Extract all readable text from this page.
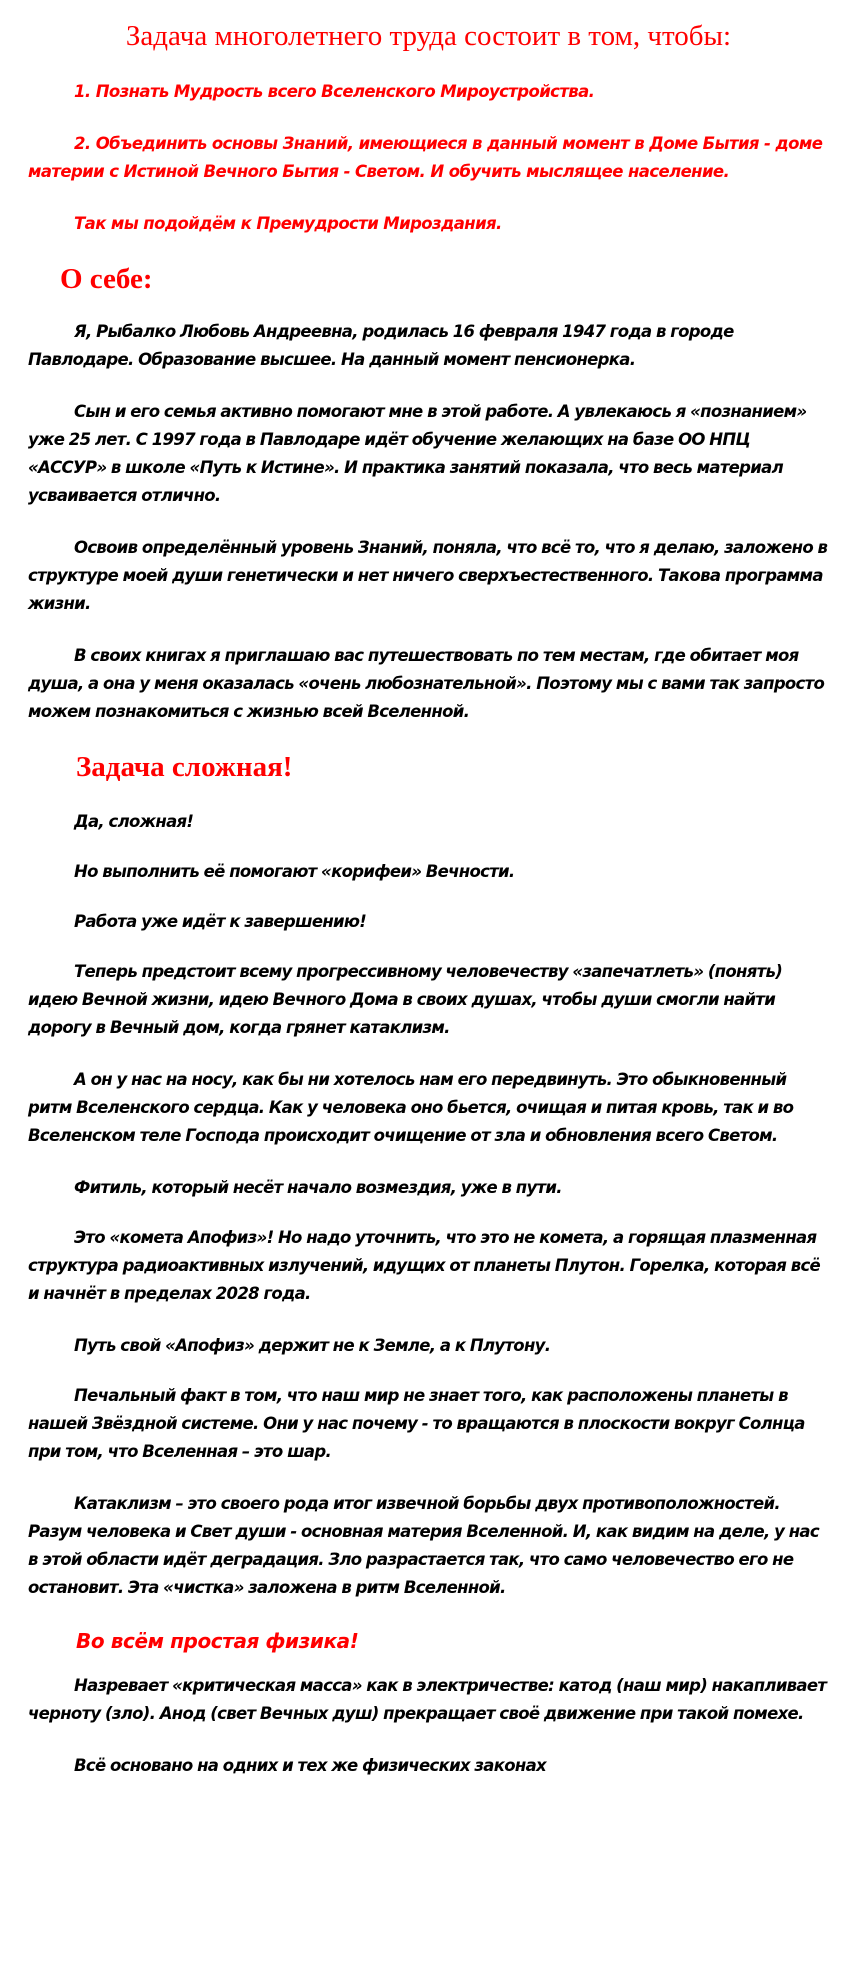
Задача многолетнего труда состоит в том, чтобы:

1. Познать Мудрость всего Вселенского Мироустройства.

2. Объединить основы Знаний, имеющиеся в данный момент в Доме Бытия - доме материи с Истиной Вечного Бытия - Светом. И обучить мыслящее население.

Так мы подойдём к Премудрости Мироздания.

О себе:

Я, Рыбалко Любовь Андреевна, родилась 16 февраля 1947 года в городе Павлодаре. Образование высшее. На данный момент пенсионерка.

Сын и его семья активно помогают мне в этой работе. А увлекаюсь я «познанием» уже 25 лет. С 1997 года в Павлодаре идёт обучение желающих на базе ОО НПЦ «АССУР» в школе «Путь к Истине». И практика занятий показала, что весь материал усваивается отлично.

Освоив определённый уровень Знаний, поняла, что всё то, что я делаю, заложено в структуре моей души генетически и нет ничего сверхъестественного. Такова программа жизни.

В своих книгах я приглашаю вас путешествовать по тем местам, где обитает моя душа, а она у меня оказалась «очень любознательной». Поэтому мы с вами так запросто можем познакомиться с жизнью всей Вселенной.

Задача сложная!

Да, сложная!

Но выполнить её помогают «корифеи» Вечности.

Работа уже идёт к завершению!

Теперь предстоит всему прогрессивному человечеству «запечатлеть» (понять) идею Вечной жизни, идею Вечного Дома в своих душах, чтобы души смогли найти дорогу в Вечный дом, когда грянет катаклизм.

А он у нас на носу, как бы ни хотелось нам его передвинуть. Это обыкновенный ритм Вселенского сердца. Как у человека оно бьется, очищая и питая кровь, так и во Вселенском теле Господа происходит очищение от зла и обновления всего Светом.

Фитиль, который несёт начало возмездия, уже в пути.

Это «комета Апофиз»! Но надо уточнить, что это не комета, а горящая плазменная структура радиоактивных излучений, идущих от планеты Плутон. Горелка, которая всё и начнёт в пределах 2028 года.

Путь свой «Апофиз» держит не к Земле, а к Плутону.

Печальный факт в том, что наш мир не знает того, как расположены планеты в нашей Звёздной системе. Они у нас почему - то вращаются в плоскости вокруг Солнца при том, что Вселенная – это шар.

Катаклизм – это своего рода итог извечной борьбы двух противоположностей. Разум человека и Свет души - основная материя Вселенной. И, как видим на деле, у нас в этой области идёт деградация. Зло разрастается так, что само человечество его не остановит. Эта «чистка» заложена в ритм Вселенной.

Во всём простая физика!

Назревает «критическая масса» как в электричестве: катод (наш мир) накапливает черноту (зло). Анод (свет Вечных душ) прекращает своё движение при такой помехе.

Всё основано на одних и тех же физических законах
